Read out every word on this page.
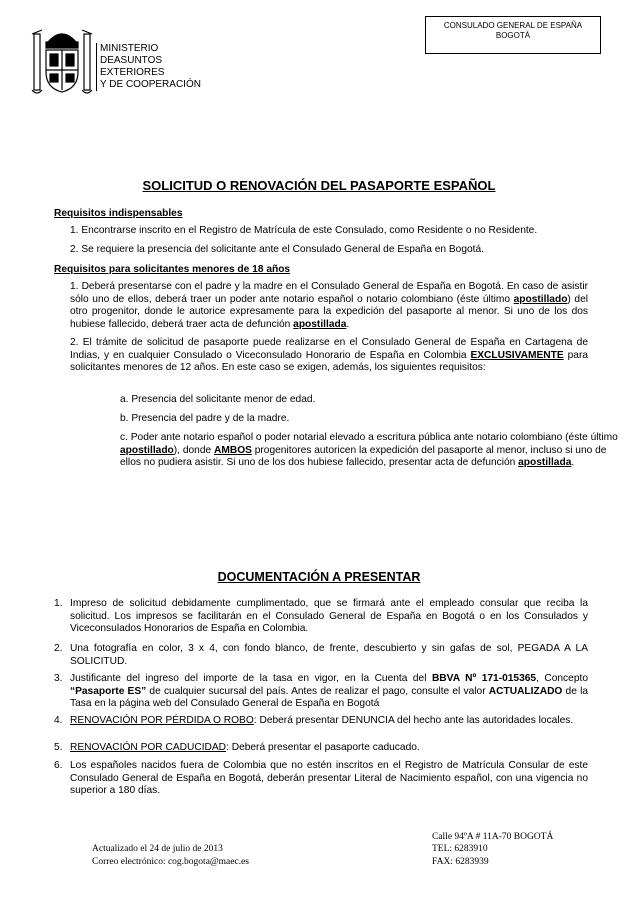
CONSULADO GENERAL DE ESPAÑA
BOGOTÁ
MINISTERIO
DEASUNTOS
EXTERIORES
Y DE COOPERACIÓN
SOLICITUD O RENOVACIÓN DEL PASAPORTE ESPAÑOL
Requisitos indispensables
1. Encontrarse inscrito en el Registro de Matrícula de este Consulado, como Residente o no Residente.
2. Se requiere la presencia del solicitante ante el Consulado General de España en Bogotá.
Requisitos para solicitantes menores de 18 años
1. Deberá presentarse con el padre y la madre en el Consulado General de España en Bogotá. En caso de asistir sólo uno de ellos, deberá traer un poder ante notario español o notario colombiano (éste último apostillado) del otro progenitor, donde le autorice expresamente para la expedición del pasaporte al menor. Si uno de los dos hubiese fallecido, deberá traer acta de defunción apostillada.
2. El trámite de solicitud de pasaporte puede realizarse en el Consulado General de España en Cartagena de Indias, y en cualquier Consulado o Viceconsulado Honorario de España en Colombia EXCLUSIVAMENTE para solicitantes menores de 12 años. En este caso se exigen, además, los siguientes requisitos:
a. Presencia del solicitante menor de edad.
b. Presencia del padre y de la madre.
c. Poder ante notario español o poder notarial elevado a escritura pública ante notario colombiano (éste último apostillado), donde AMBOS progenitores autoricen la expedición del pasaporte al menor, incluso si uno de ellos no pudiera asistir. Si uno de los dos hubiese fallecido, presentar acta de defunción apostillada.
DOCUMENTACIÓN A PRESENTAR
1. Impreso de solicitud debidamente cumplimentado, que se firmará ante el empleado consular que reciba la solicitud. Los impresos se facilitarán en el Consulado General de España en Bogotá o en los Consulados y Viceconsulados Honorarios de España en Colombia.
2. Una fotografía en color, 3 x 4, con fondo blanco, de frente, descubierto y sin gafas de sol, PEGADA A LA SOLICITUD.
3. Justificante del ingreso del importe de la tasa en vigor, en la Cuenta del BBVA Nº 171-015365, Concepto “Pasaporte ES” de cualquier sucursal del país. Antes de realizar el pago, consulte el valor ACTUALIZADO de la Tasa en la página web del Consulado General de España en Bogotá
4. RENOVACIÓN POR PÉRDIDA O ROBO: Deberá presentar DENUNCIA del hecho ante las autoridades locales.
5. RENOVACIÓN POR CADUCIDAD: Deberá presentar el pasaporte caducado.
6. Los españoles nacidos fuera de Colombia que no estén inscritos en el Registro de Matrícula Consular de este Consulado General de España en Bogotá, deberán presentar Literal de Nacimiento español, con una vigencia no superior a 180 días.
Calle 94ºA # 11A-70 BOGOTÁ
TEL: 6283910
FAX: 6283939
Actualizado el 24 de julio de 2013
Correo electrónico: cog.bogota@maec.es
